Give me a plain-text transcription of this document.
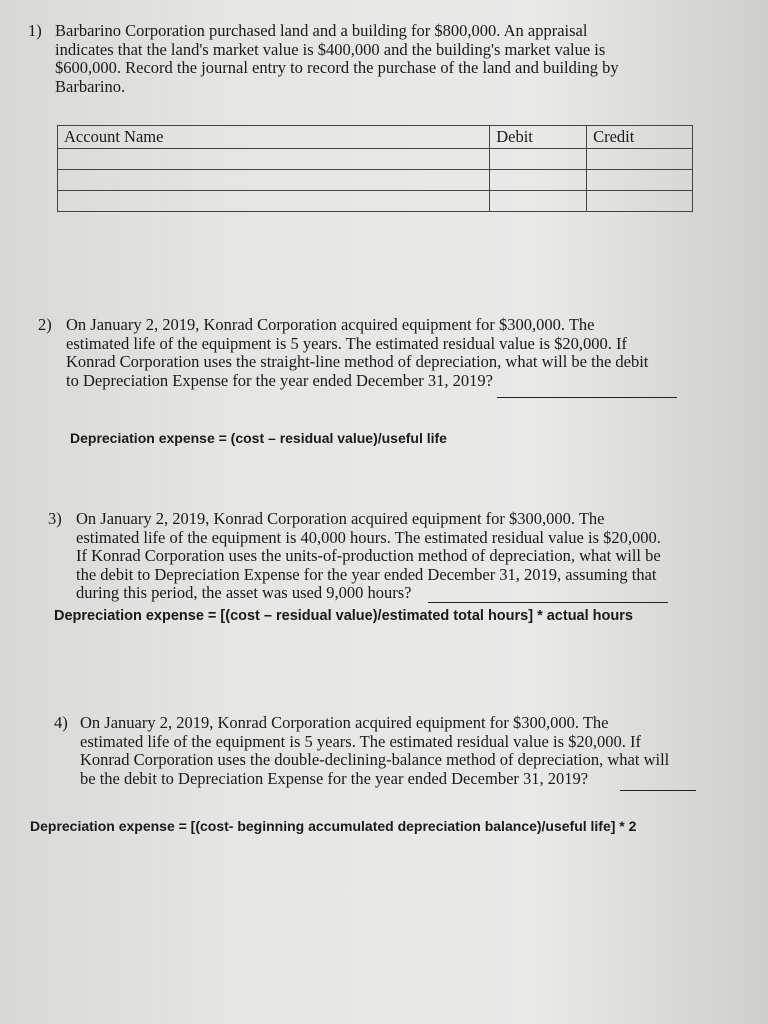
1) Barbarino Corporation purchased land and a building for $800,000. An appraisal
indicates that the land's market value is $400,000 and the building's market value is
$600,000. Record the journal entry to record the purchase of the land and building by
Barbarino.
Account Name	Debit	Credit

2) On January 2, 2019, Konrad Corporation acquired equipment for $300,000. The
estimated life of the equipment is 5 years. The estimated residual value is $20,000. If
Konrad Corporation uses the straight-line method of depreciation, what will be the debit
to Depreciation Expense for the year ended December 31, 2019?
Depreciation expense = (cost – residual value)/useful life
3) On January 2, 2019, Konrad Corporation acquired equipment for $300,000. The
estimated life of the equipment is 40,000 hours. The estimated residual value is $20,000.
If Konrad Corporation uses the units-of-production method of depreciation, what will be
the debit to Depreciation Expense for the year ended December 31, 2019, assuming that
during this period, the asset was used 9,000 hours?
Depreciation expense = [(cost – residual value)/estimated total hours] * actual hours
4) On January 2, 2019, Konrad Corporation acquired equipment for $300,000. The
estimated life of the equipment is 5 years. The estimated residual value is $20,000. If
Konrad Corporation uses the double-declining-balance method of depreciation, what will
be the debit to Depreciation Expense for the year ended December 31, 2019?
Depreciation expense = [(cost- beginning accumulated depreciation balance)/useful life] * 2
